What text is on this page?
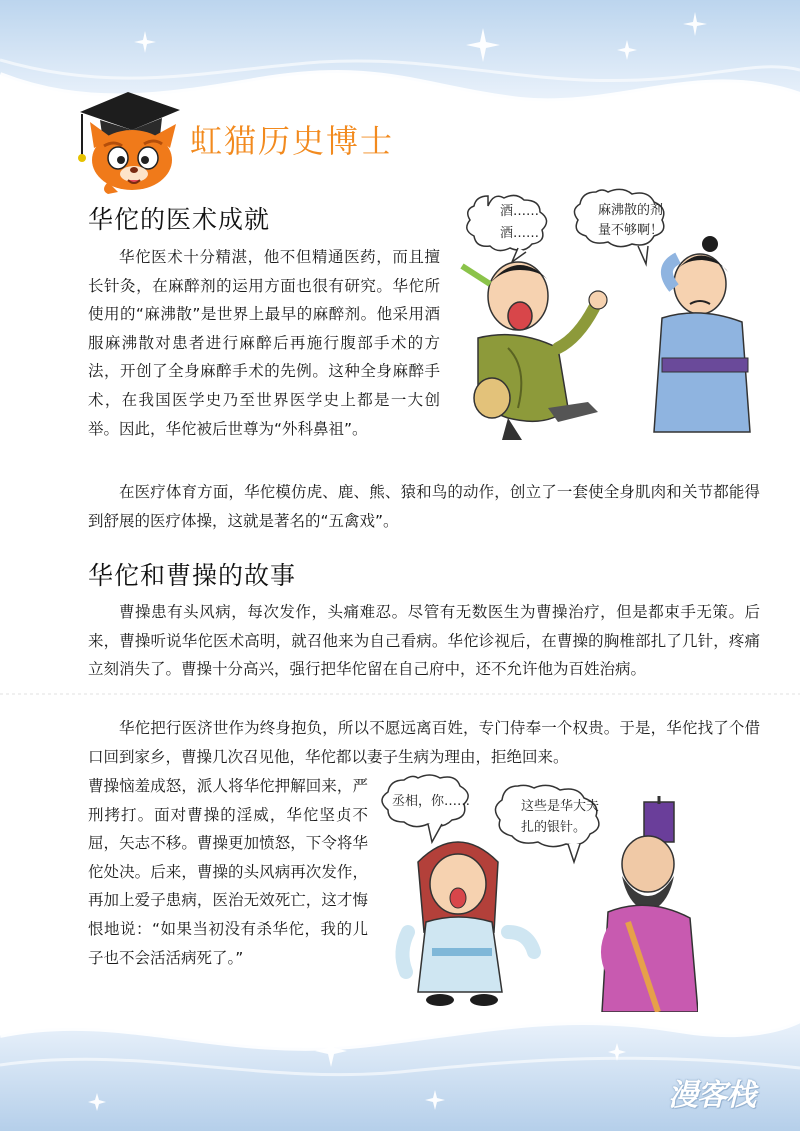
虹猫历史博士
华佗的医术成就

华佗医术十分精湛，他不但精通医药，而且擅长针灸，在麻醉剂的运用方面也很有研究。华佗所使用的“麻沸散”是世界上最早的麻醉剂。他采用酒服麻沸散对患者进行麻醉后再施行腹部手术的方法，开创了全身麻醉手术的先例。这种全身麻醉手术，在我国医学史乃至世界医学史上都是一大创举。因此，华佗被后世尊为“外科鼻祖”。

在医疗体育方面，华佗模仿虎、鹿、熊、猿和鸟的动作，创立了一套使全身肌肉和关节都能得到舒展的医疗体操，这就是著名的“五禽戏”。

酒……
酒……
麻沸散的剂
量不够啊！
华佗和曹操的故事

曹操患有头风病，每次发作，头痛难忍。尽管有无数医生为曹操治疗，但是都束手无策。后来，曹操听说华佗医术高明，就召他来为自己看病。华佗诊视后，在曹操的胸椎部扎了几针，疼痛立刻消失了。曹操十分高兴，强行把华佗留在自己府中，还不允许他为百姓治病。

华佗把行医济世作为终身抱负，所以不愿远离百姓，专门侍奉一个权贵。于是，华佗找了个借口回到家乡，曹操几次召见他，华佗都以妻子生病为理由，拒绝回来。

曹操恼羞成怒，派人将华佗押解回来，严刑拷打。面对曹操的淫威，华佗坚贞不屈，矢志不移。曹操更加愤怒，下令将华佗处决。后来，曹操的头风病再次发作，再加上爱子患病，医治无效死亡，这才悔恨地说：“如果当初没有杀华佗，我的儿子也不会活活病死了。”

丞相，你……	这些是华大夫
扎的银针。
漫客栈
